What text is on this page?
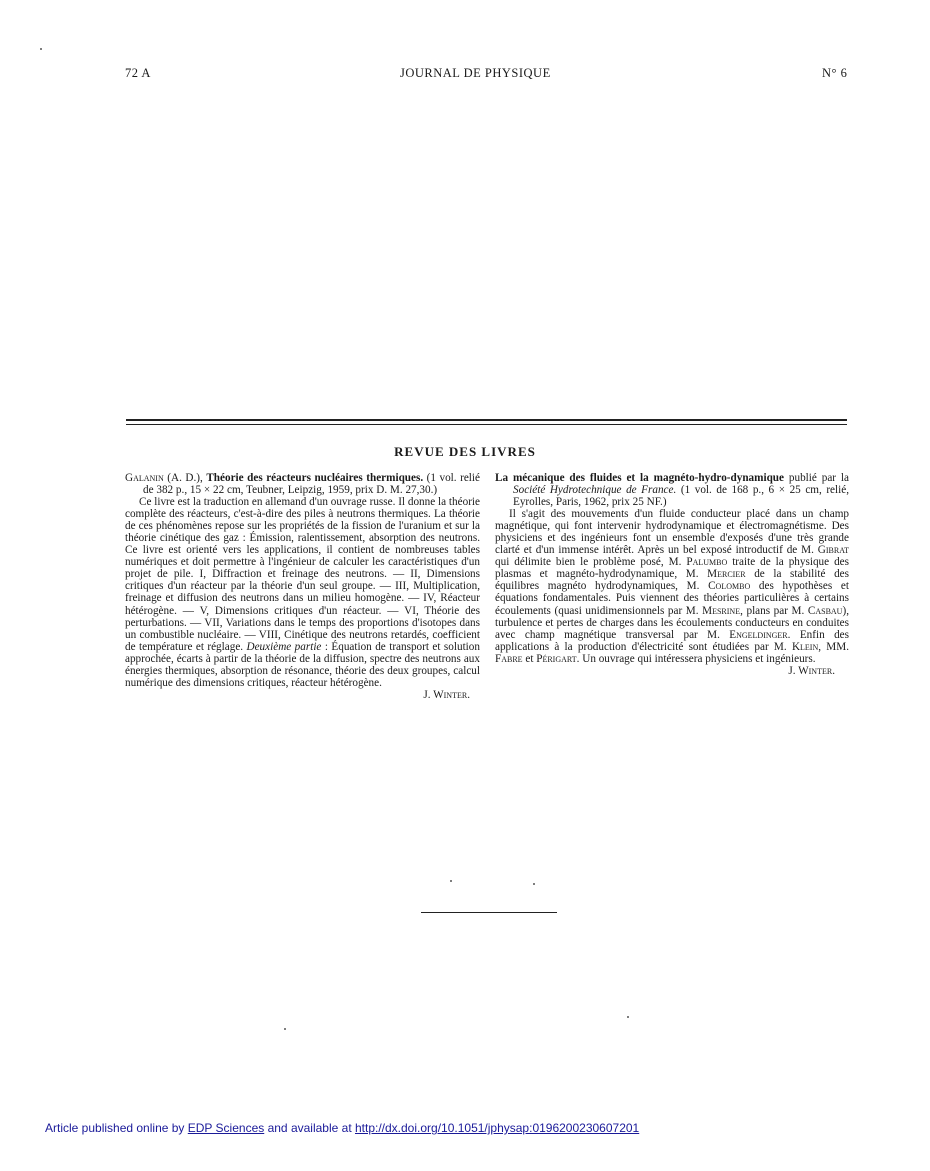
72 A	JOURNAL DE PHYSIQUE	N° 6
REVUE DES LIVRES

Galanin (A. D.), Théorie des réacteurs nucléaires thermiques. (1 vol. relié de 382 p., 15 × 22 cm, Teubner, Leipzig, 1959, prix D. M. 27,30.)

Ce livre est la traduction en allemand d'un ouvrage russe. Il donne la théorie complète des réacteurs, c'est-à-dire des piles à neutrons thermiques. La théorie de ces phénomènes repose sur les propriétés de la fission de l'uranium et sur la théorie cinétique des gaz : Émission, ralentissement, absorption des neutrons. Ce livre est orienté vers les applications, il contient de nombreuses tables numériques et doit permettre à l'ingénieur de calculer les caractéristiques d'un projet de pile. I, Diffraction et freinage des neutrons. — II, Dimensions critiques d'un réacteur par la théorie d'un seul groupe. — III, Multiplication, freinage et diffusion des neutrons dans un milieu homogène. — IV, Réacteur hétérogène. — V, Dimensions critiques d'un réacteur. — VI, Théorie des perturbations. — VII, Variations dans le temps des proportions d'isotopes dans un combustible nucléaire. — VIII, Cinétique des neutrons retardés, coefficient de température et réglage. Deuxième partie : Équation de transport et solution approchée, écarts à partir de la théorie de la diffusion, spectre des neutrons aux énergies thermiques, absorption de résonance, théorie des deux groupes, calcul numérique des dimensions critiques, réacteur hétérogène.

J. Winter.

La mécanique des fluides et la magnéto-hydro-dynamique publié par la Société Hydrotechnique de France. (1 vol. de 168 p., 6 × 25 cm, relié, Eyrolles, Paris, 1962, prix 25 NF.)

Il s'agit des mouvements d'un fluide conducteur placé dans un champ magnétique, qui font intervenir hydrodynamique et électromagnétisme. Des physiciens et des ingénieurs font un ensemble d'exposés d'une très grande clarté et d'un immense intérêt. Après un bel exposé introductif de M. Gibrat qui délimite bien le problème posé, M. Palumbo traite de la physique des plasmas et magnéto-hydrodynamique, M. Mercier de la stabilité des équilibres magnéto hydrodynamiques, M. Colombo des hypothèses et équations fondamentales. Puis viennent des théories particulières à certains écoulements (quasi unidimensionnels par M. Mesrine, plans par M. Casbau), turbulence et pertes de charges dans les écoulements conducteurs en conduites avec champ magnétique transversal par M. Engeldinger. Enfin des applications à la production d'électricité sont étudiées par M. Klein, MM. Fabre et Périgart. Un ouvrage qui intéressera physiciens et ingénieurs.

J. Winter.

Article published online by EDP Sciences and available at http://dx.doi.org/10.1051/jphysap:0196200230607201
